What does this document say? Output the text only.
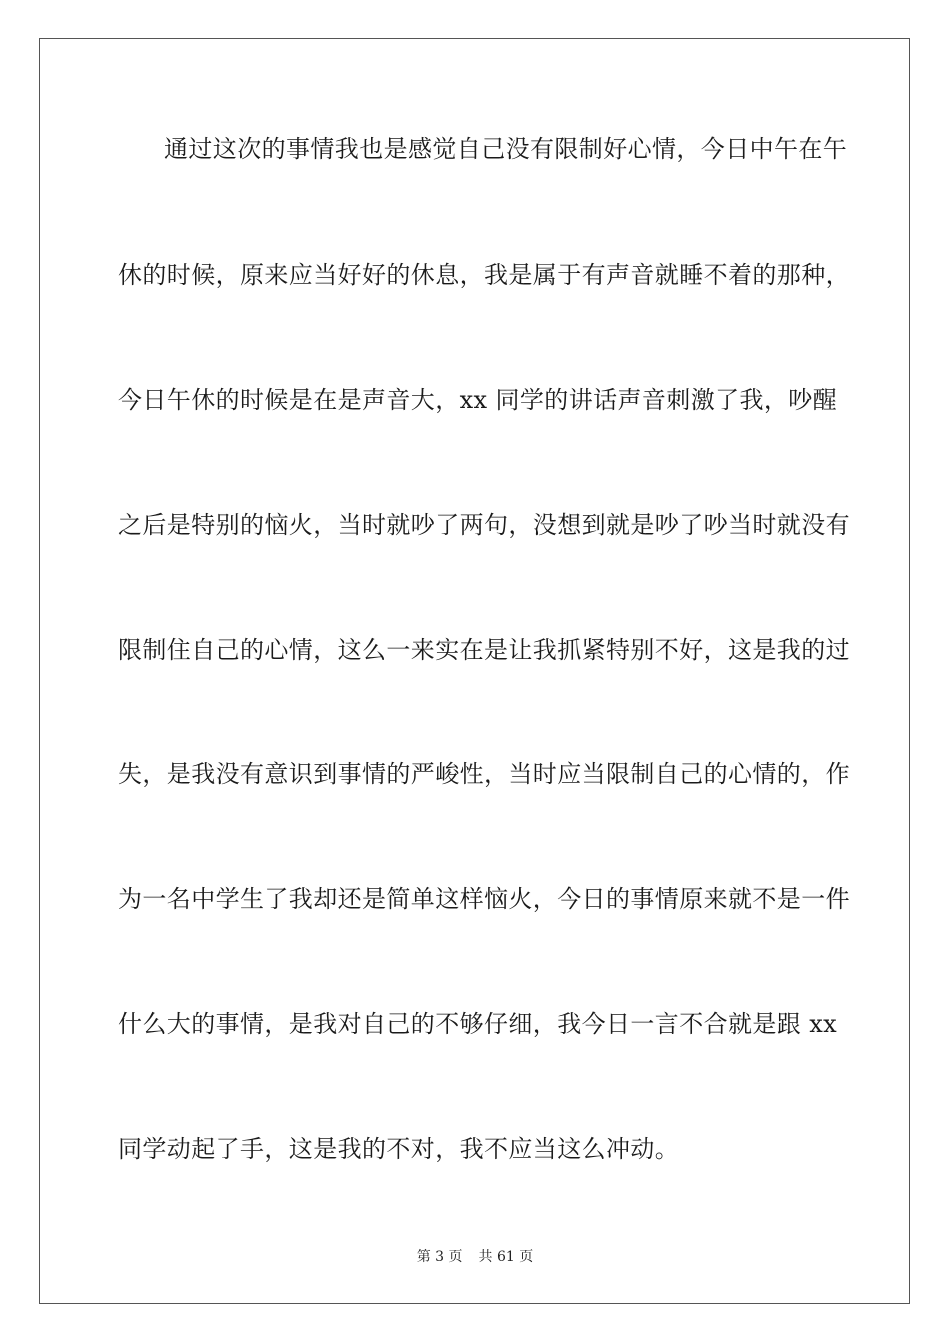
通过这次的事情我也是感觉自己没有限制好心情，今日中午在午
休的时候，原来应当好好的休息，我是属于有声音就睡不着的那种，
今日午休的时候是在是声音大，xx 同学的讲话声音刺激了我，吵醒
之后是特别的恼火，当时就吵了两句，没想到就是吵了吵当时就没有
限制住自己的心情，这么一来实在是让我抓紧特别不好，这是我的过
失，是我没有意识到事情的严峻性，当时应当限制自己的心情的，作
为一名中学生了我却还是简单这样恼火，今日的事情原来就不是一件
什么大的事情，是我对自己的不够仔细，我今日一言不合就是跟 xx
同学动起了手，这是我的不对，我不应当这么冲动。
第 3 页 共 61 页
